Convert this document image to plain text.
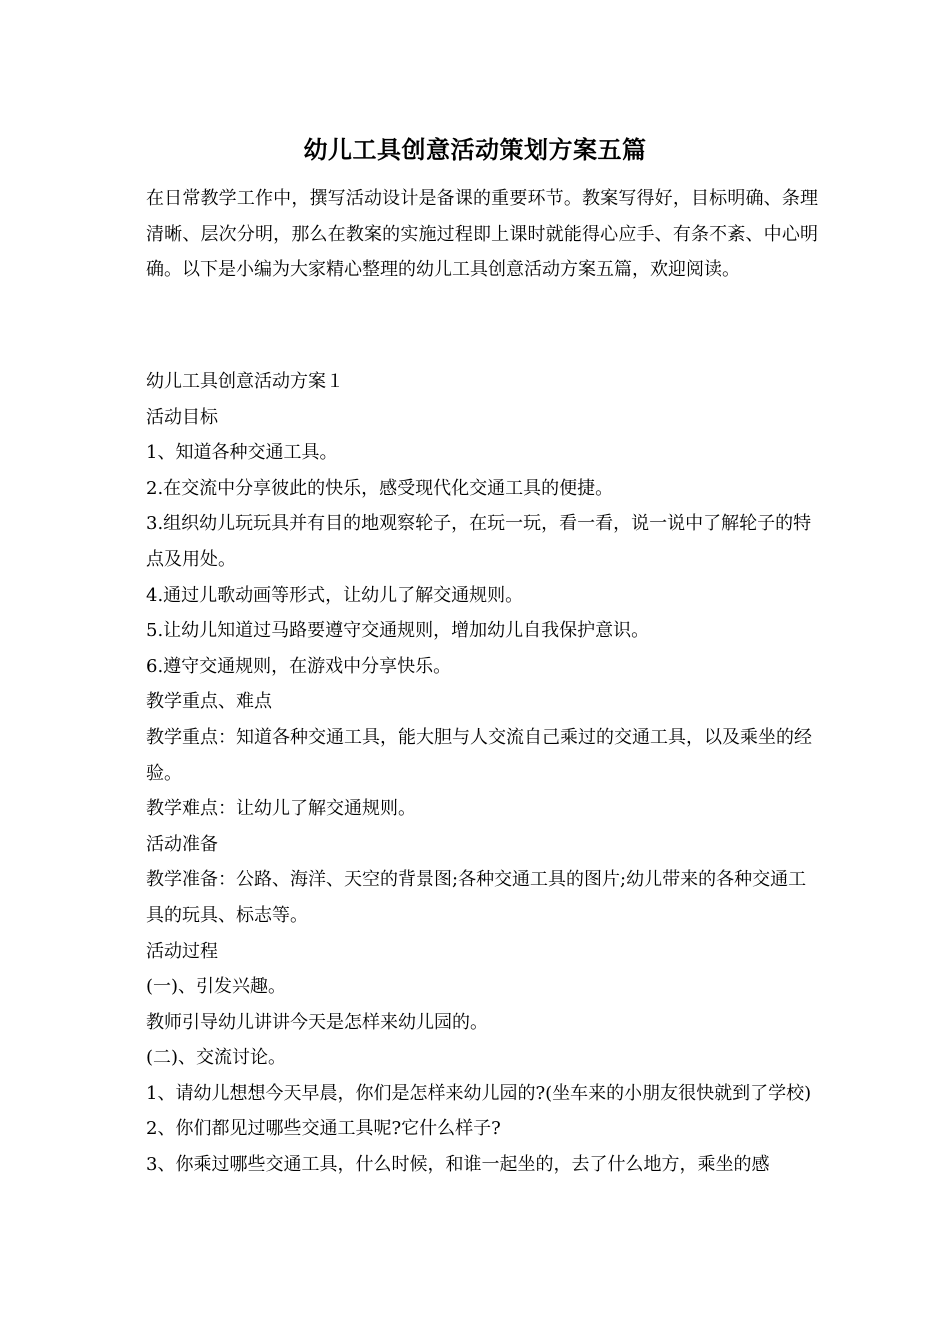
幼儿工具创意活动策划方案五篇

在日常教学工作中，撰写活动设计是备课的重要环节。教案写得好，目标明确、条理清晰、层次分明，那么在教案的实施过程即上课时就能得心应手、有条不紊、中心明确。以下是小编为大家精心整理的幼儿工具创意活动方案五篇，欢迎阅读。

幼儿工具创意活动方案１

活动目标

1、知道各种交通工具。

2.在交流中分享彼此的快乐，感受现代化交通工具的便捷。

3.组织幼儿玩玩具并有目的地观察轮子，在玩一玩，看一看，说一说中了解轮子的特点及用处。

4.通过儿歌动画等形式，让幼儿了解交通规则。

5.让幼儿知道过马路要遵守交通规则，增加幼儿自我保护意识。

6.遵守交通规则，在游戏中分享快乐。

教学重点、难点

教学重点：知道各种交通工具，能大胆与人交流自己乘过的交通工具，以及乘坐的经验。

教学难点：让幼儿了解交通规则。

活动准备

教学准备：公路、海洋、天空的背景图;各种交通工具的图片;幼儿带来的各种交通工具的玩具、标志等。

活动过程

(一)、引发兴趣。

教师引导幼儿讲讲今天是怎样来幼儿园的。

(二)、交流讨论。

1、请幼儿想想今天早晨，你们是怎样来幼儿园的?(坐车来的小朋友很快就到了学校)

2、你们都见过哪些交通工具呢?它什么样子?

3、你乘过哪些交通工具，什么时候，和谁一起坐的，去了什么地方，乘坐的感
